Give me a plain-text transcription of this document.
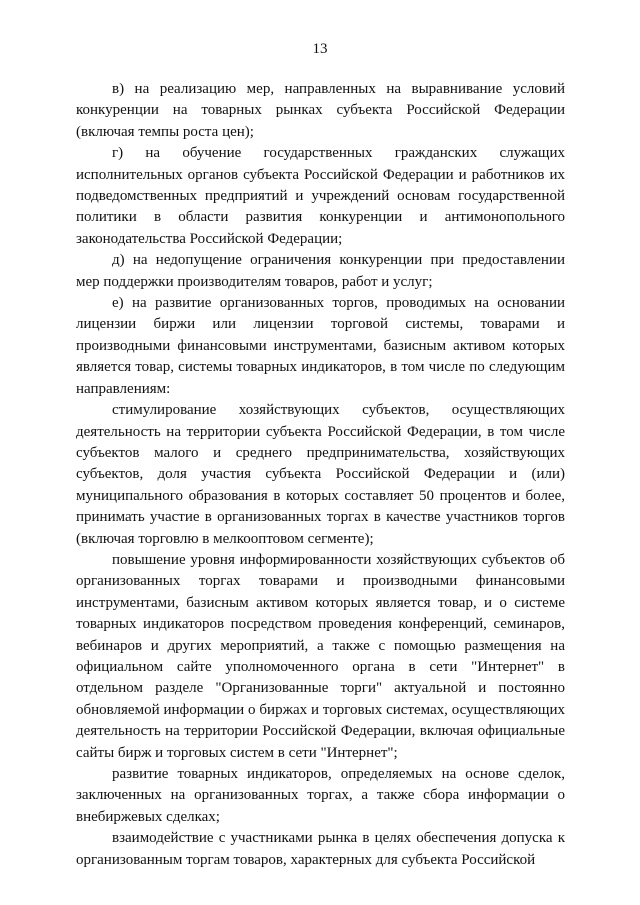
13

в) на реализацию мер, направленных на выравнивание условий конкуренции на товарных рынках субъекта Российской Федерации (включая темпы роста цен);

г) на обучение государственных гражданских служащих исполнительных органов субъекта Российской Федерации и работников их подведомственных предприятий и учреждений основам государственной политики в области развития конкуренции и антимонопольного законодательства Российской Федерации;

д) на недопущение ограничения конкуренции при предоставлении мер поддержки производителям товаров, работ и услуг;

е) на развитие организованных торгов, проводимых на основании лицензии биржи или лицензии торговой системы, товарами и производными финансовыми инструментами, базисным активом которых является товар, системы товарных индикаторов, в том числе по следующим направлениям:

стимулирование хозяйствующих субъектов, осуществляющих деятельность на территории субъекта Российской Федерации, в том числе субъектов малого и среднего предпринимательства, хозяйствующих субъектов, доля участия субъекта Российской Федерации и (или) муниципального образования в которых составляет 50 процентов и более, принимать участие в организованных торгах в качестве участников торгов (включая торговлю в мелкооптовом сегменте);

повышение уровня информированности хозяйствующих субъектов об организованных торгах товарами и производными финансовыми инструментами, базисным активом которых является товар, и о системе товарных индикаторов посредством проведения конференций, семинаров, вебинаров и других мероприятий, а также с помощью размещения на официальном сайте уполномоченного органа в сети "Интернет" в отдельном разделе "Организованные торги" актуальной и постоянно обновляемой информации о биржах и торговых системах, осуществляющих деятельность на территории Российской Федерации, включая официальные сайты бирж и торговых систем в сети "Интернет";

развитие товарных индикаторов, определяемых на основе сделок, заключенных на организованных торгах, а также сбора информации о внебиржевых сделках;

взаимодействие с участниками рынка в целях обеспечения допуска к организованным торгам товаров, характерных для субъекта Российской
